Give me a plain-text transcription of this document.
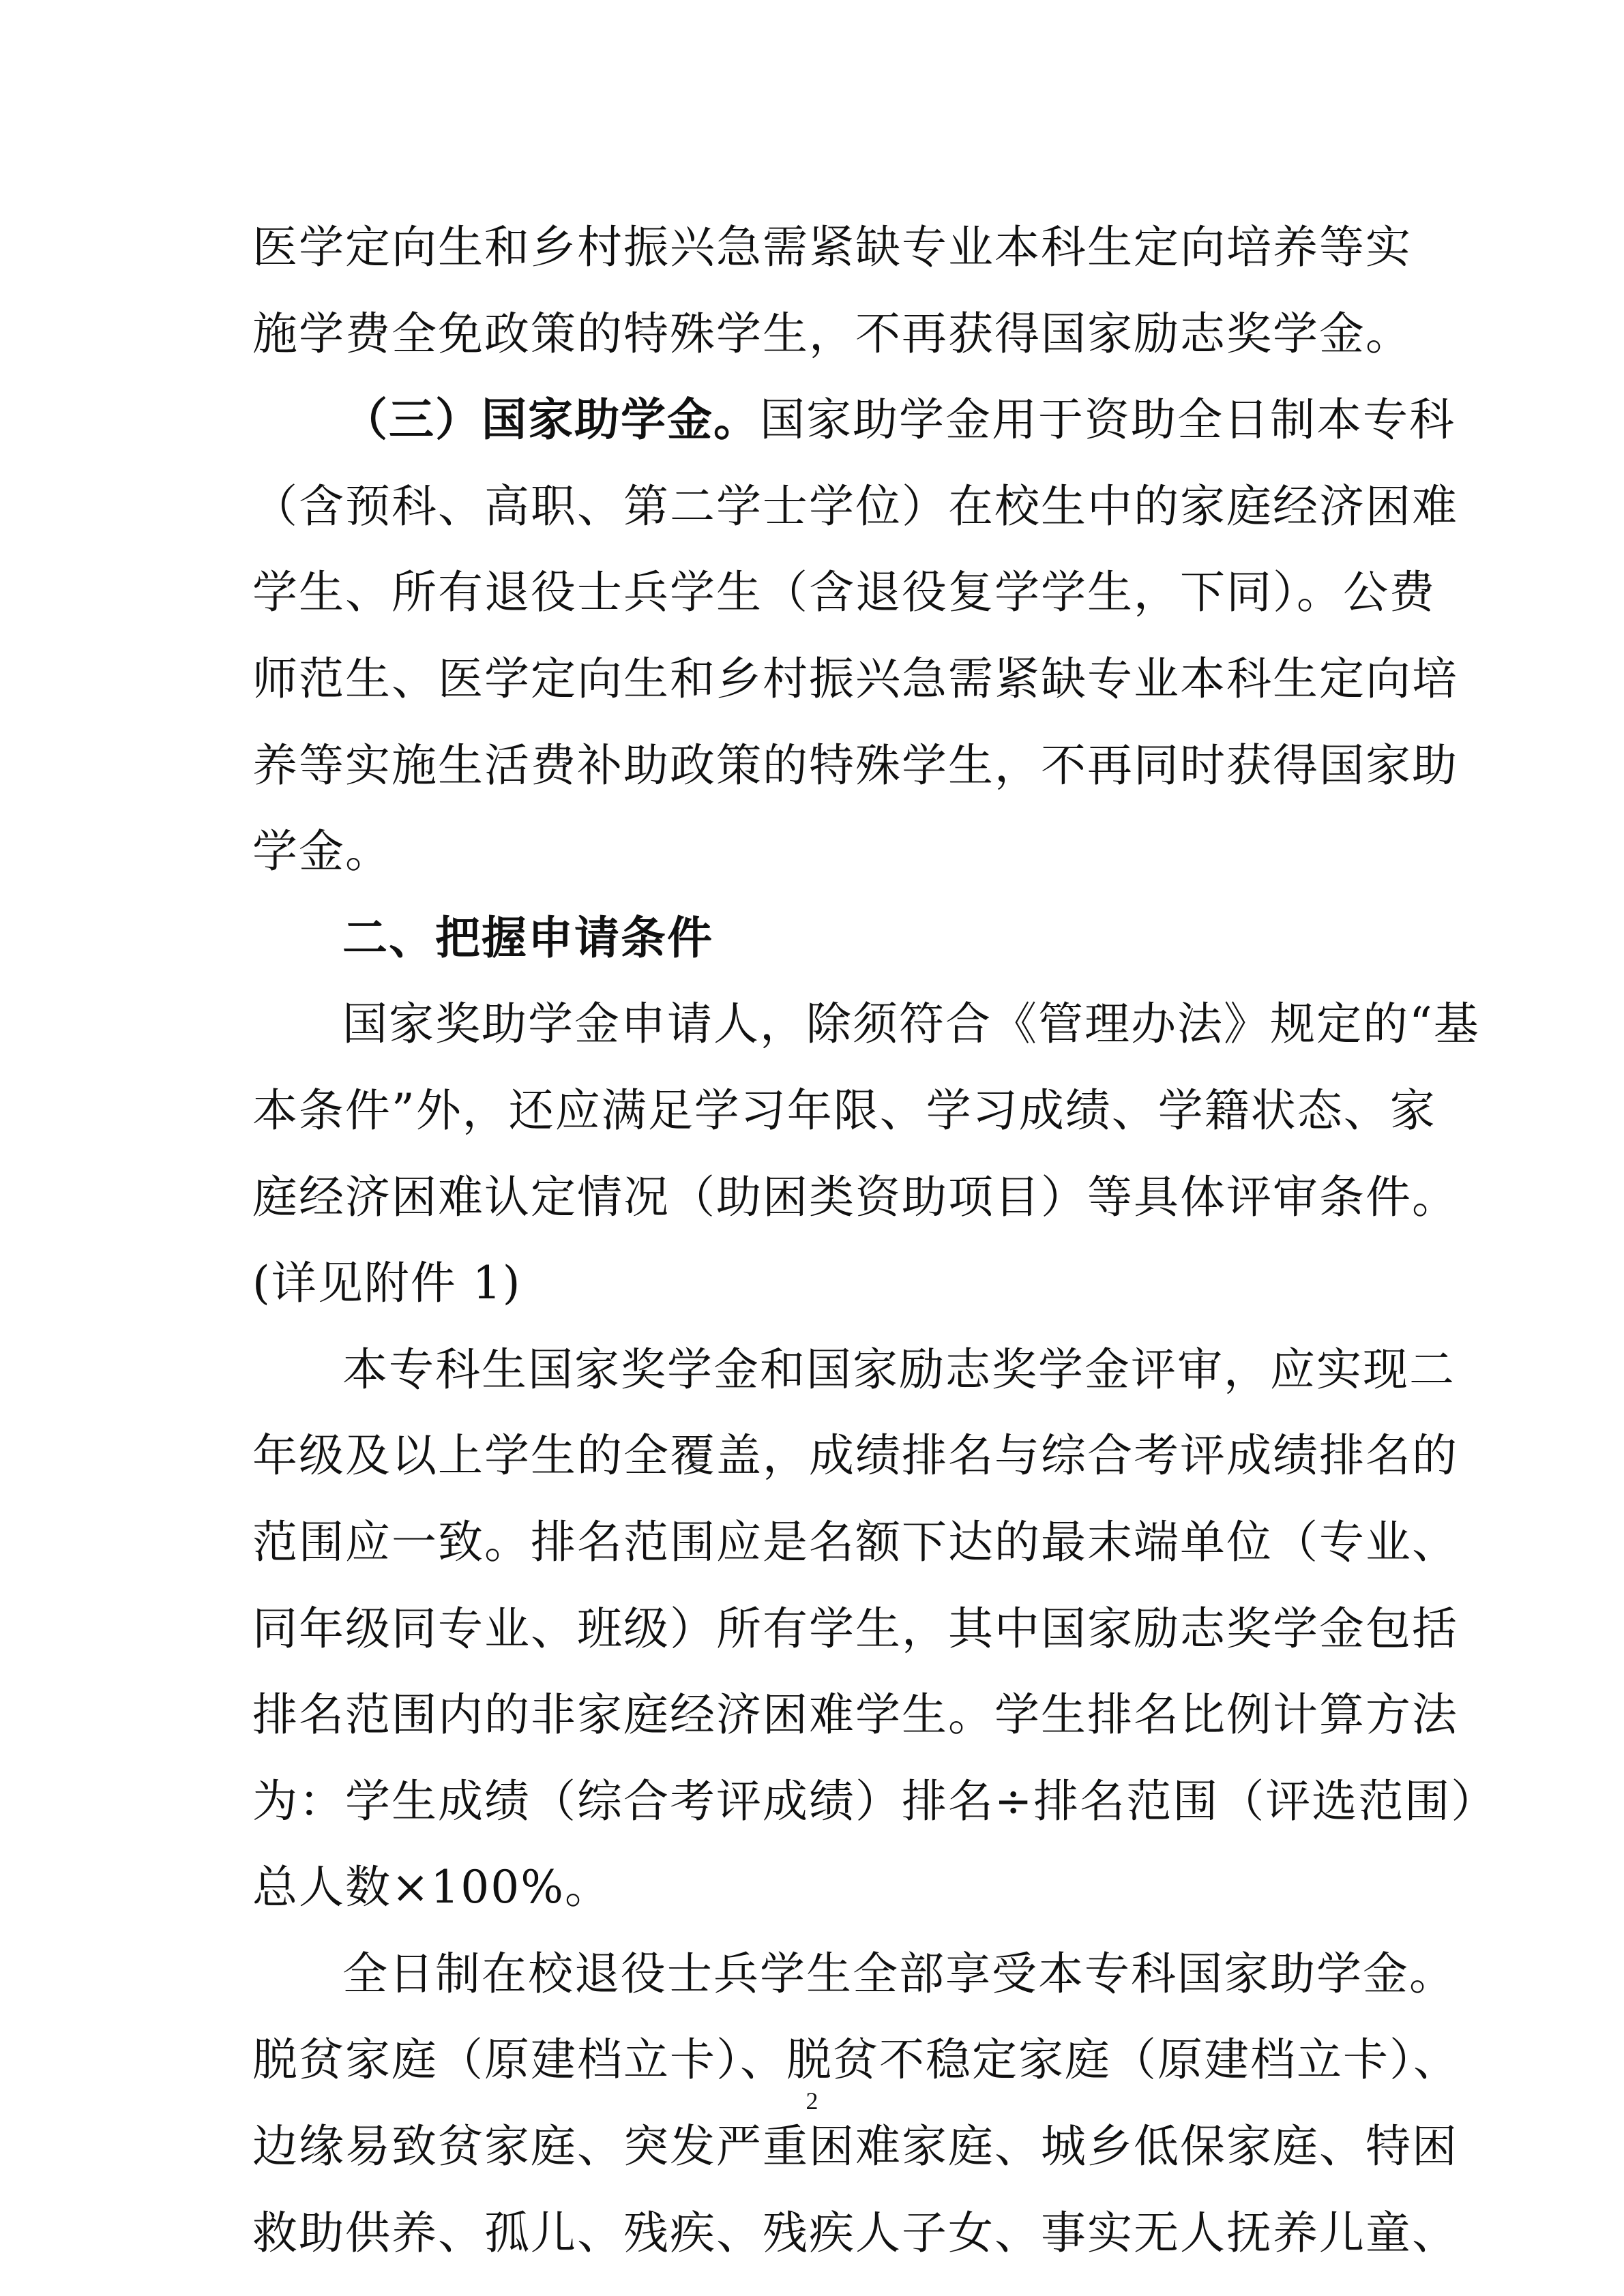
医学定向生和乡村振兴急需紧缺专业本科生定向培养等实
施学费全免政策的特殊学生，不再获得国家励志奖学金。

（三）国家助学金。国家助学金用于资助全日制本专科
（含预科、高职、第二学士学位）在校生中的家庭经济困难
学生、所有退役士兵学生（含退役复学学生，下同）。公费
师范生、医学定向生和乡村振兴急需紧缺专业本科生定向培
养等实施生活费补助政策的特殊学生，不再同时获得国家助
学金。

二、把握申请条件

国家奖助学金申请人，除须符合《管理办法》规定的“基
本条件”外，还应满足学习年限、学习成绩、学籍状态、家
庭经济困难认定情况（助困类资助项目）等具体评审条件。
(详见附件 1)

本专科生国家奖学金和国家励志奖学金评审，应实现二
年级及以上学生的全覆盖，成绩排名与综合考评成绩排名的
范围应一致。排名范围应是名额下达的最末端单位（专业、
同年级同专业、班级）所有学生，其中国家励志奖学金包括
排名范围内的非家庭经济困难学生。学生排名比例计算方法
为：学生成绩（综合考评成绩）排名÷排名范围（评选范围）
总人数×100%。

全日制在校退役士兵学生全部享受本专科国家助学金。
脱贫家庭（原建档立卡）、脱贫不稳定家庭（原建档立卡）、
边缘易致贫家庭、突发严重困难家庭、城乡低保家庭、特困
救助供养、孤儿、残疾、残疾人子女、事实无人抚养儿童、

2
